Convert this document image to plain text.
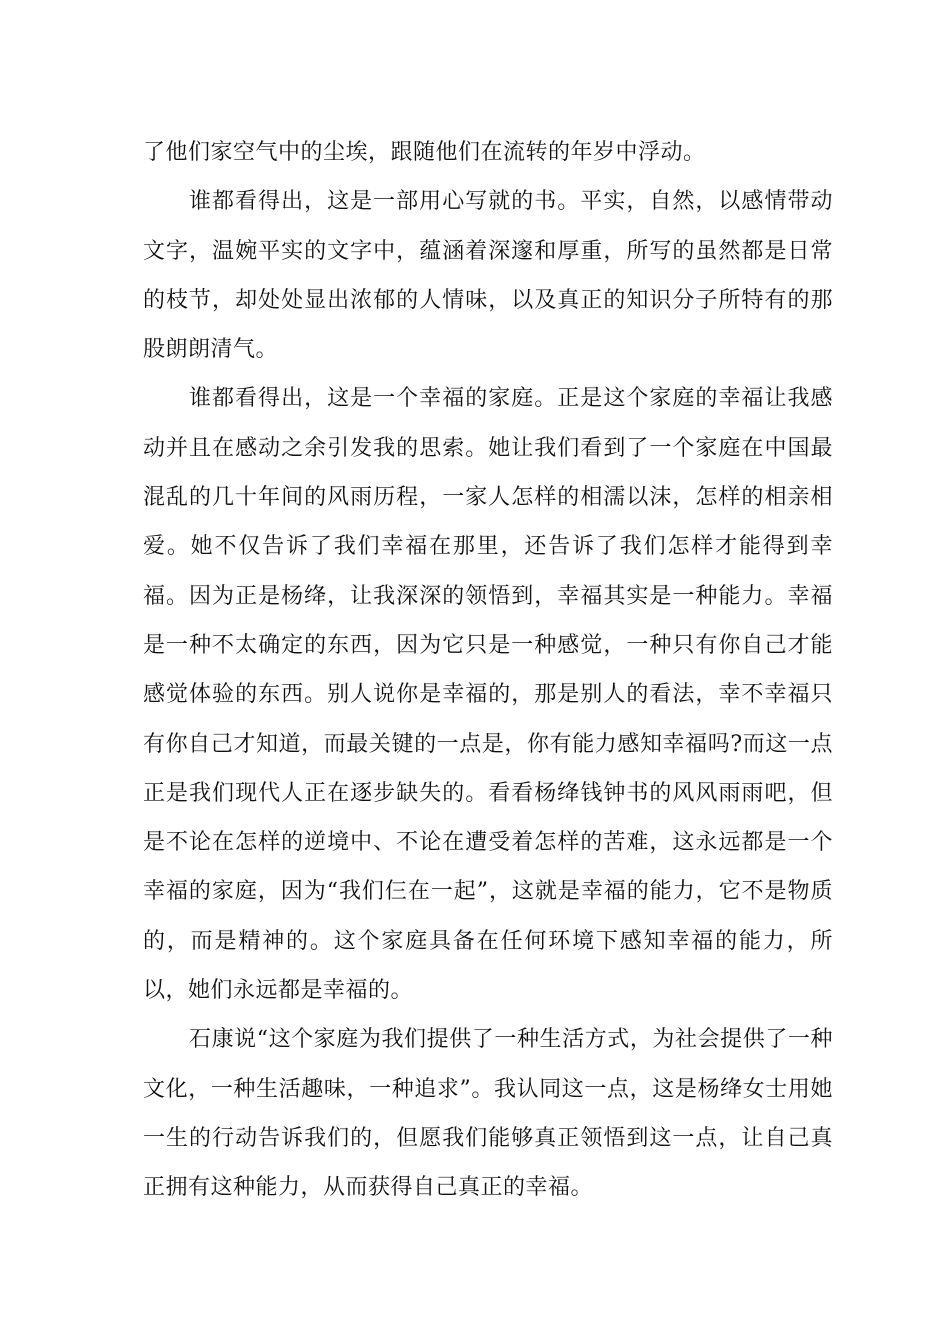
了他们家空气中的尘埃，跟随他们在流转的年岁中浮动。

谁都看得出，这是一部用心写就的书。平实，自然，以感情带动文字，温婉平实的文字中，蕴涵着深邃和厚重，所写的虽然都是日常的枝节，却处处显出浓郁的人情味，以及真正的知识分子所特有的那股朗朗清气。

谁都看得出，这是一个幸福的家庭。正是这个家庭的幸福让我感动并且在感动之余引发我的思索。她让我们看到了一个家庭在中国最混乱的几十年间的风雨历程，一家人怎样的相濡以沫，怎样的相亲相爱。她不仅告诉了我们幸福在那里，还告诉了我们怎样才能得到幸福。因为正是杨绛，让我深深的领悟到，幸福其实是一种能力。幸福是一种不太确定的东西，因为它只是一种感觉，一种只有你自己才能感觉体验的东西。别人说你是幸福的，那是别人的看法，幸不幸福只有你自己才知道，而最关键的一点是，你有能力感知幸福吗?而这一点正是我们现代人正在逐步缺失的。看看杨绛钱钟书的风风雨雨吧，但是不论在怎样的逆境中、不论在遭受着怎样的苦难，这永远都是一个幸福的家庭，因为“我们仨在一起”，这就是幸福的能力，它不是物质的，而是精神的。这个家庭具备在任何环境下感知幸福的能力，所以，她们永远都是幸福的。

石康说“这个家庭为我们提供了一种生活方式，为社会提供了一种文化，一种生活趣味，一种追求”。我认同这一点，这是杨绛女士用她一生的行动告诉我们的，但愿我们能够真正领悟到这一点，让自己真正拥有这种能力，从而获得自己真正的幸福。
